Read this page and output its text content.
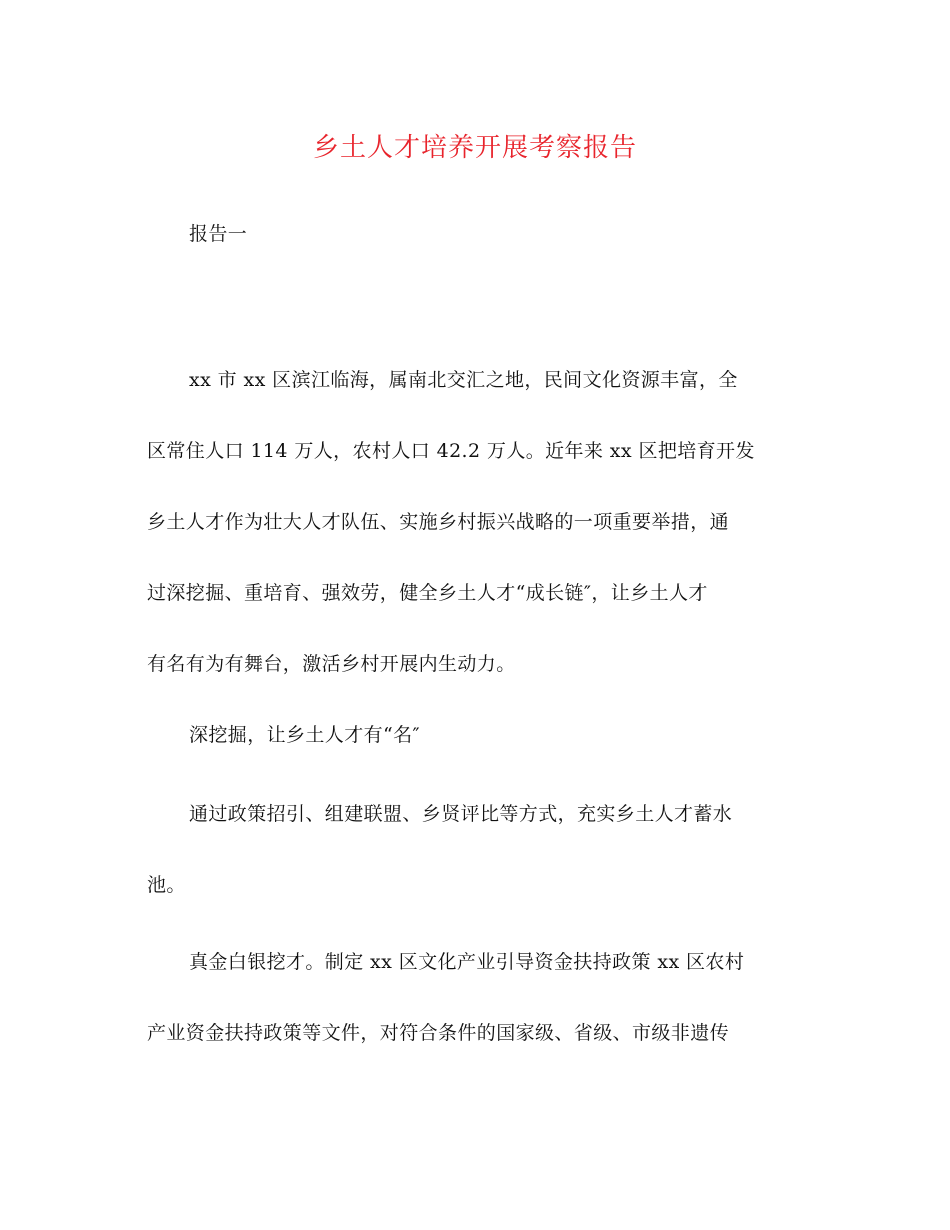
乡土人才培养开展考察报告
报告一
xx 市 xx 区滨江临海，属南北交汇之地，民间文化资源丰富，全
区常住人口 114 万人，农村人口 42.2 万人。近年来 xx 区把培育开发
乡土人才作为壮大人才队伍、实施乡村振兴战略的一项重要举措，通
过深挖掘、重培育、强效劳，健全乡土人才“成长链″，让乡土人才
有名有为有舞台，激活乡村开展内生动力。
深挖掘，让乡土人才有“名″
通过政策招引、组建联盟、乡贤评比等方式，充实乡土人才蓄水
池。
真金白银挖才。制定 xx 区文化产业引导资金扶持政策 xx 区农村
产业资金扶持政策等文件，对符合条件的国家级、省级、市级非遗传
